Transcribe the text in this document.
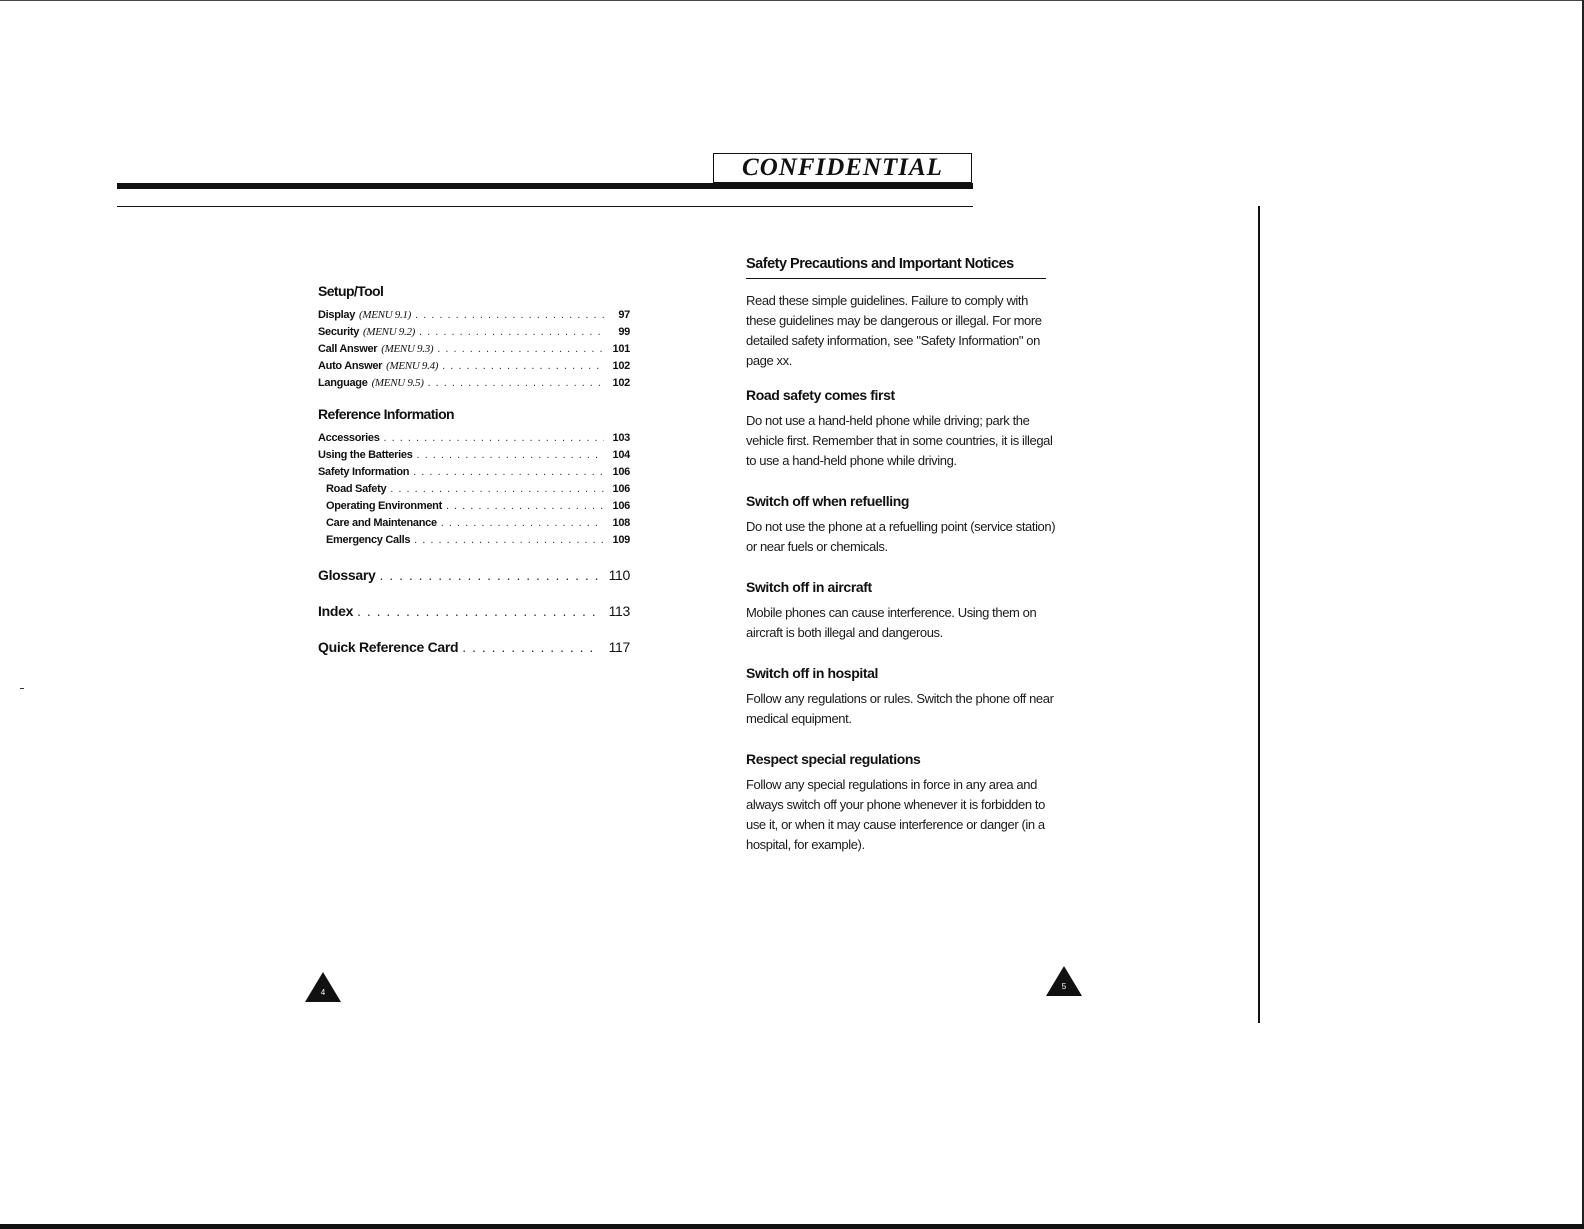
CONFIDENTIAL
Setup/Tool
Display (MENU 9.1) . . .	97
Security (MENU 9.2) . . .	99
Call Answer (MENU 9.3) . . .	101
Auto Answer (MENU 9.4) . . .	102
Language (MENU 9.5) . . .	102
Reference Information
Accessories . . .	103
Using the Batteries . . .	104
Safety Information . . .	106
Road Safety . . .	106
Operating Environment . . .	106
Care and Maintenance . . .	108
Emergency Calls . . .	109
Glossary . . .	110
Index . . .	113
Quick Reference Card . . .	117
Safety Precautions and Important Notices

Read these simple guidelines. Failure to comply with these guidelines may be dangerous or illegal. For more detailed safety information, see "Safety Information" on page xx.

Road safety comes first

Do not use a hand-held phone while driving; park the vehicle first. Remember that in some countries, it is illegal to use a hand-held phone while driving.

Switch off when refuelling

Do not use the phone at a refuelling point (service station) or near fuels or chemicals.

Switch off in aircraft

Mobile phones can cause interference. Using them on aircraft is both illegal and dangerous.

Switch off in hospital

Follow any regulations or rules. Switch the phone off near medical equipment.

Respect special regulations

Follow any special regulations in force in any area and always switch off your phone whenever it is forbidden to use it, or when it may cause interference or danger (in a hospital, for example).

4
5
